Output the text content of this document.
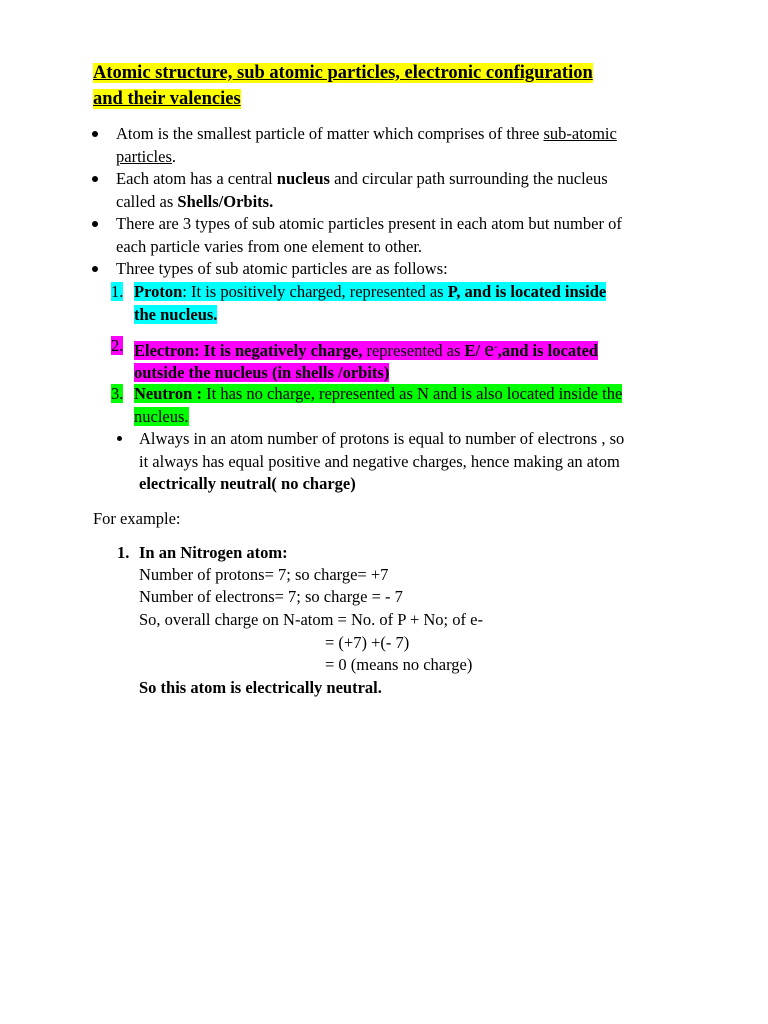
Atomic structure, sub atomic particles, electronic configuration
and their valencies
Atom is the smallest particle of matter which comprises of three sub-atomic
particles.
Each atom has a central nucleus and circular path surrounding the nucleus
called as Shells/Orbits.
There are 3 types of sub atomic particles present in each atom but number of
each particle varies from one element to other.
Three types of sub atomic particles are as follows:
1. Proton: It is positively charged, represented as P, and is located inside
the nucleus.
2. Electron: It is negatively charge, represented as E/ e-,and is located
outside the nucleus (in shells /orbits)
3. Neutron : It has no charge, represented as N and is also located inside the
nucleus.
Always in an atom number of protons is equal to number of electrons , so
it always has equal positive and negative charges, hence making an atom
electrically neutral( no charge)
For example:
1. In an Nitrogen atom:
Number of protons= 7; so charge= +7
Number of electrons= 7; so charge = - 7
So, overall charge on N-atom = No. of P + No; of e-
= (+7) +(- 7)
= 0 (means no charge)
So this atom is electrically neutral.
